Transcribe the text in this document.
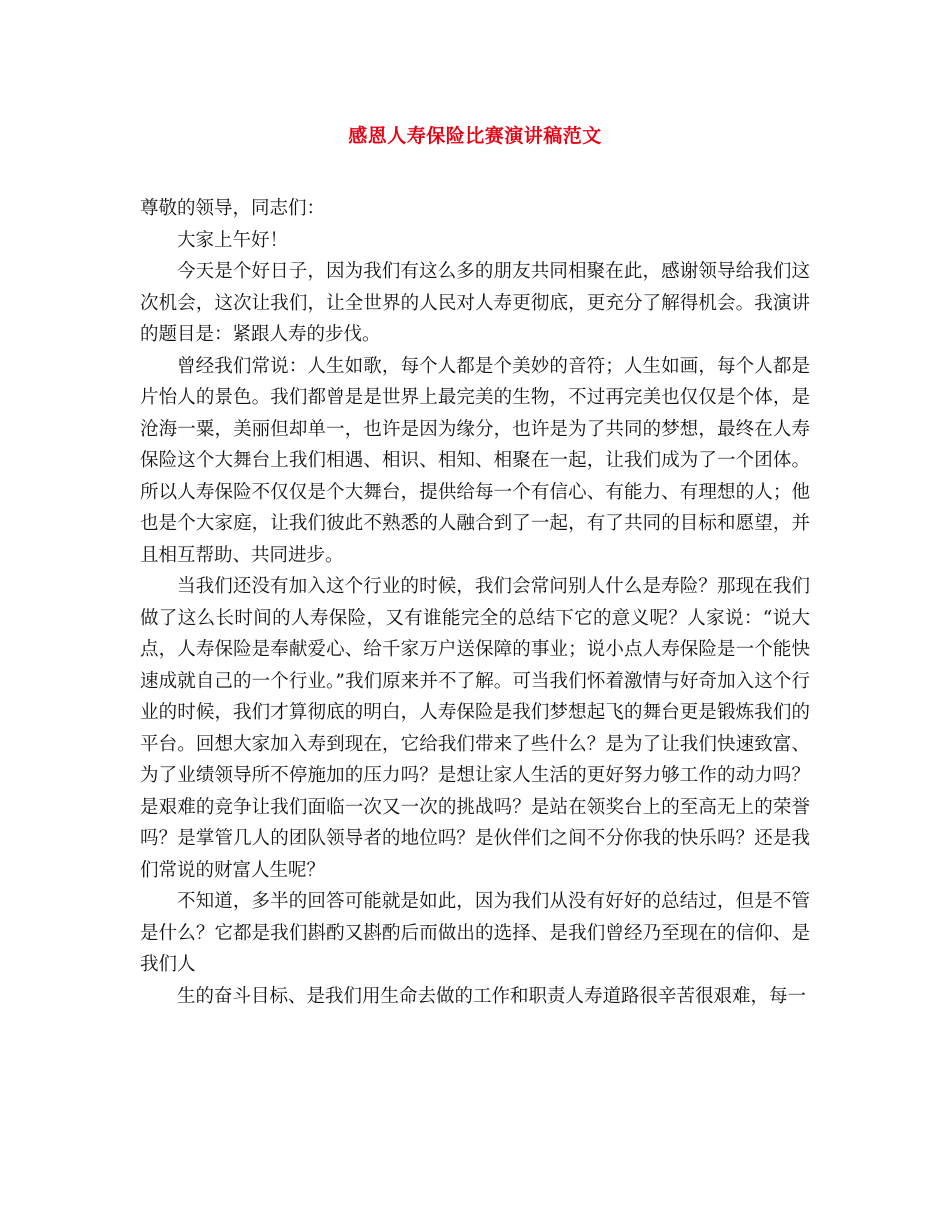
感恩人寿保险比赛演讲稿范文

尊敬的领导，同志们：

大家上午好！

今天是个好日子，因为我们有这么多的朋友共同相聚在此，感谢领导给我们这次机会，这次让我们，让全世界的人民对人寿更彻底，更充分了解得机会。我演讲的题目是：紧跟人寿的步伐。

曾经我们常说：人生如歌，每个人都是个美妙的音符；人生如画，每个人都是片怡人的景色。我们都曾是是世界上最完美的生物，不过再完美也仅仅是个体，是沧海一粟，美丽但却单一，也许是因为缘分，也许是为了共同的梦想，最终在人寿保险这个大舞台上我们相遇、相识、相知、相聚在一起，让我们成为了一个团体。所以人寿保险不仅仅是个大舞台，提供给每一个有信心、有能力、有理想的人；他也是个大家庭，让我们彼此不熟悉的人融合到了一起，有了共同的目标和愿望，并且相互帮助、共同进步。

当我们还没有加入这个行业的时候，我们会常问别人什么是寿险？那现在我们做了这么长时间的人寿保险，又有谁能完全的总结下它的意义呢？人家说：“说大点，人寿保险是奉献爱心、给千家万户送保障的事业；说小点人寿保险是一个能快速成就自己的一个行业。”我们原来并不了解。可当我们怀着激情与好奇加入这个行业的时候，我们才算彻底的明白，人寿保险是我们梦想起飞的舞台更是锻炼我们的平台。回想大家加入寿到现在，它给我们带来了些什么？是为了让我们快速致富、为了业绩领导所不停施加的压力吗？是想让家人生活的更好努力够工作的动力吗？是艰难的竞争让我们面临一次又一次的挑战吗？是站在领奖台上的至高无上的荣誉吗？是掌管几人的团队领导者的地位吗？是伙伴们之间不分你我的快乐吗？还是我们常说的财富人生呢？

不知道，多半的回答可能就是如此，因为我们从没有好好的总结过，但是不管是什么？它都是我们斟酌又斟酌后而做出的选择、是我们曾经乃至现在的信仰、是我们人

生的奋斗目标、是我们用生命去做的工作和职责人寿道路很辛苦很艰难，每一
